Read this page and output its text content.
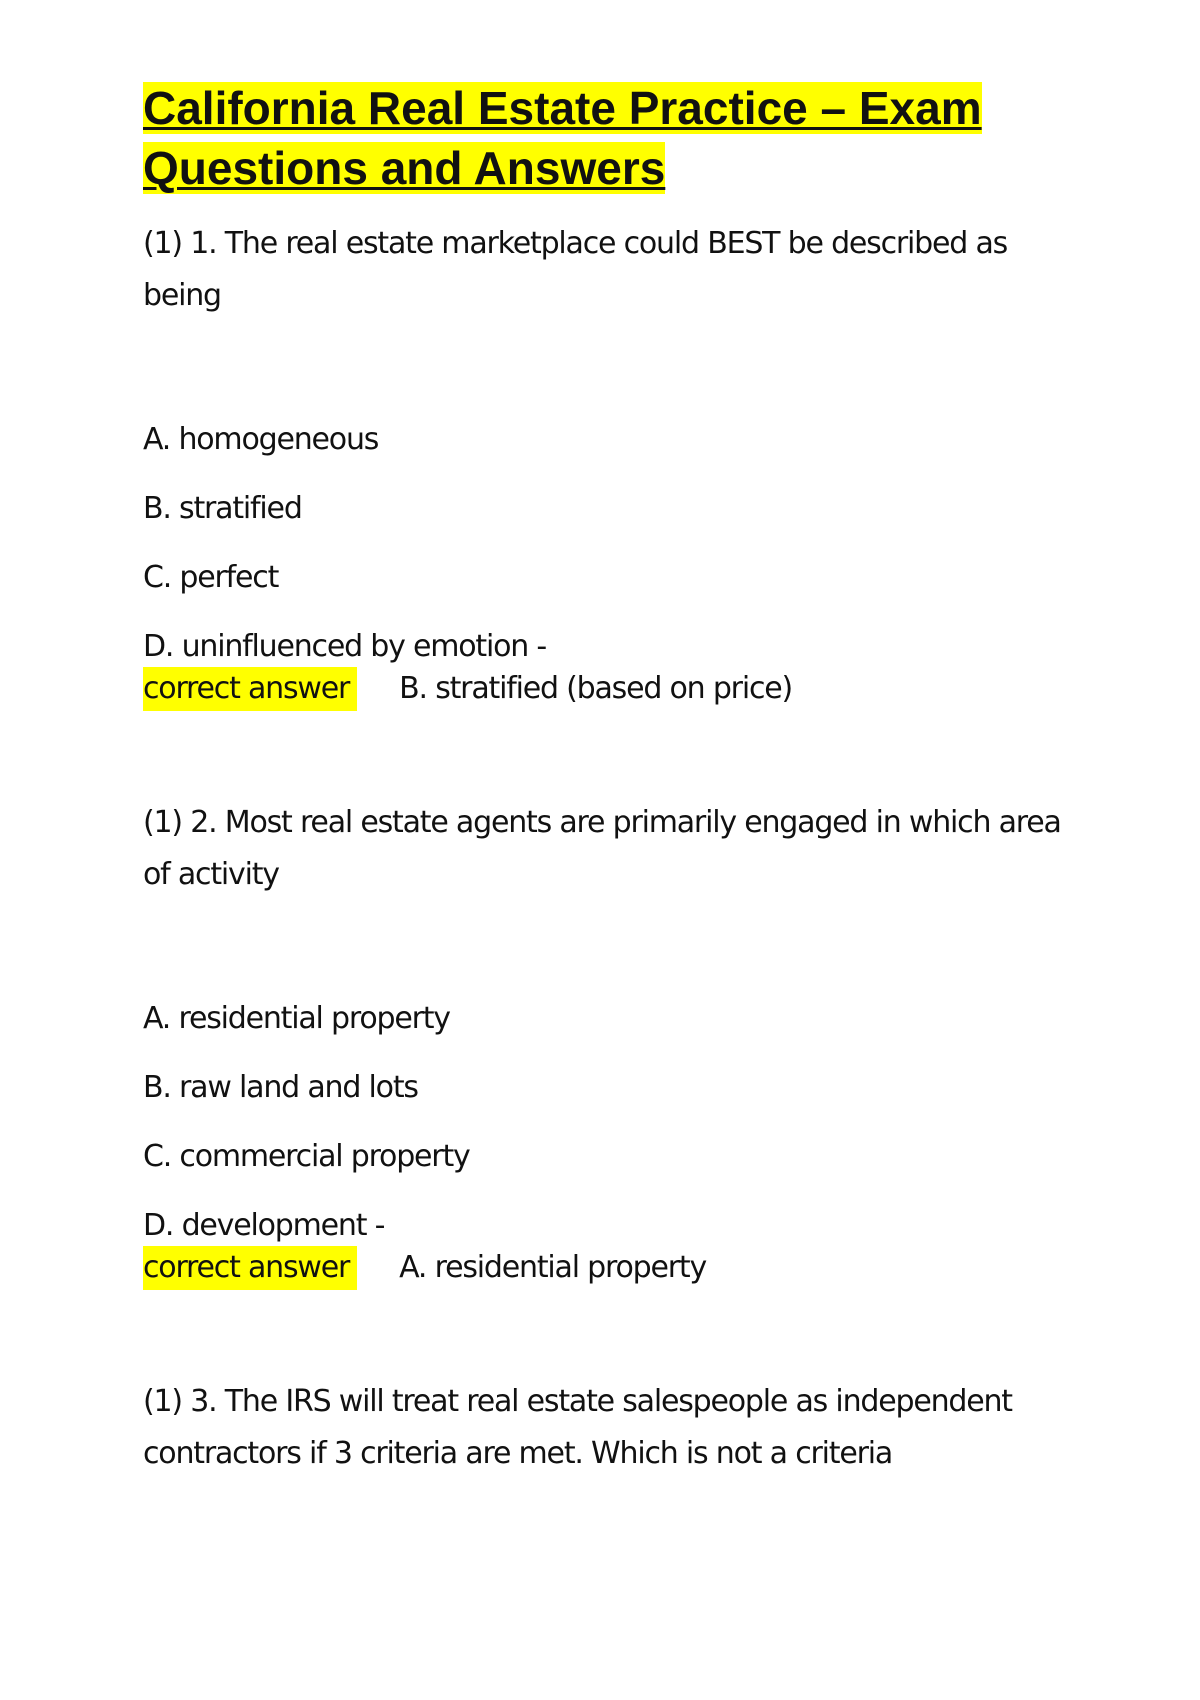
California Real Estate Practice – Exam Questions and Answers

(1) 1. The real estate marketplace could BEST be described as being

A. homogeneous

B. stratified

C. perfect

D. uninfluenced by emotion -

correct answer B. stratified (based on price)

(1) 2. Most real estate agents are primarily engaged in which area of activity

A. residential property

B. raw land and lots

C. commercial property

D. development -

correct answer A. residential property

(1) 3. The IRS will treat real estate salespeople as independent contractors if 3 criteria are met. Which is not a criteria
